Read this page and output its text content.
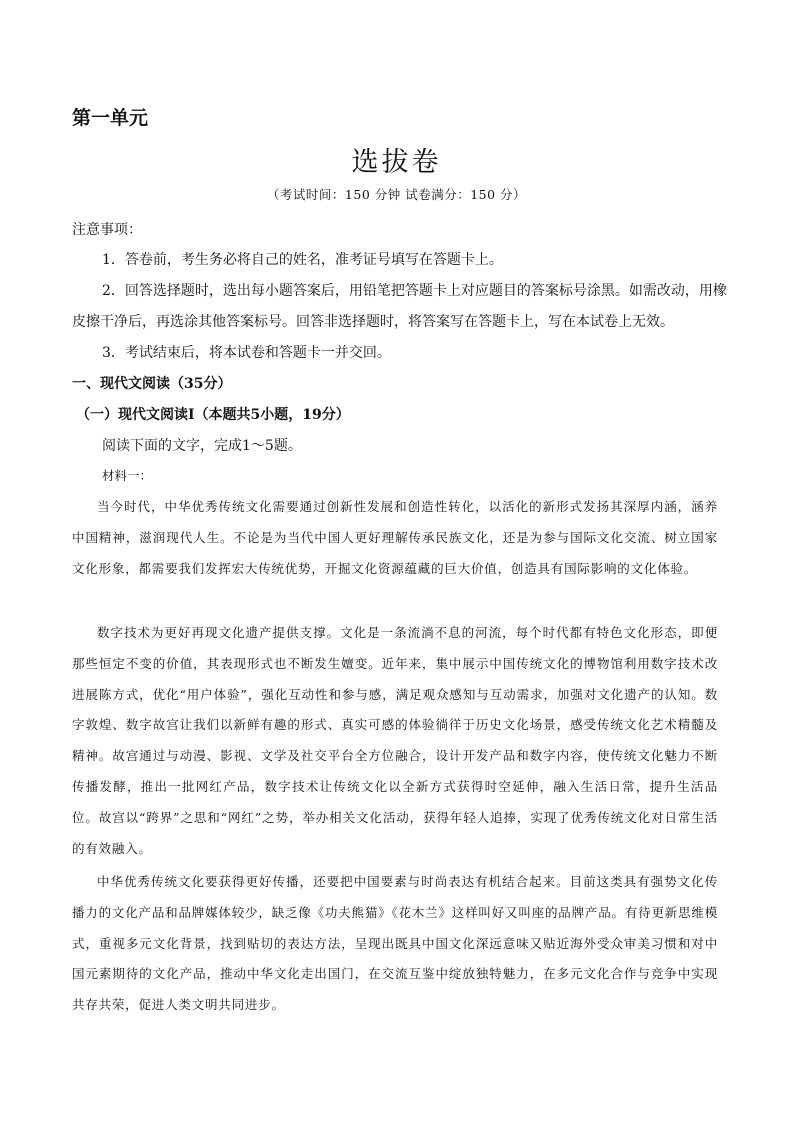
第一单元
选拔卷
（考试时间：150 分钟 试卷满分：150 分）
注意事项：
1．答卷前，考生务必将自己的姓名，准考证号填写在答题卡上。
2．回答选择题时，选出每小题答案后，用铅笔把答题卡上对应题目的答案标号涂黑。如需改动，用橡
皮擦干净后，再选涂其他答案标号。回答非选择题时，将答案写在答题卡上，写在本试卷上无效。
3．考试结束后，将本试卷和答题卡一并交回。
一、现代文阅读（35分）
（一）现代文阅读Ⅰ（本题共5小题，19分）
阅读下面的文字，完成1～5题。
材料一：
当今时代，中华优秀传统文化需要通过创新性发展和创造性转化，以活化的新形式发扬其深厚内涵，涵养中国精神，滋润现代人生。不论是为当代中国人更好理解传承民族文化，还是为参与国际文化交流、树立国家文化形象，都需要我们发挥宏大传统优势，开掘文化资源蕴藏的巨大价值，创造具有国际影响的文化体验。
数字技术为更好再现文化遗产提供支撑。文化是一条流淌不息的河流，每个时代都有特色文化形态，即便那些恒定不变的价值，其表现形式也不断发生嬗变。近年来，集中展示中国传统文化的博物馆利用数字技术改进展陈方式，优化“用户体验”，强化互动性和参与感，满足观众感知与互动需求，加强对文化遗产的认知。数字敦煌、数字故宫让我们以新鲜有趣的形式、真实可感的体验徜徉于历史文化场景，感受传统文化艺术精髓及精神。故宫通过与动漫、影视、文学及社交平台全方位融合，设计开发产品和数字内容，使传统文化魅力不断传播发酵，推出一批网红产品，数字技术让传统文化以全新方式获得时空延伸，融入生活日常，提升生活品位。故宫以“跨界”之思和“网红”之势，举办相关文化活动，获得年轻人追捧，实现了优秀传统文化对日常生活的有效融入。
中华优秀传统文化要获得更好传播，还要把中国要素与时尚表达有机结合起来。目前这类具有强势文化传播力的文化产品和品牌媒体较少，缺乏像《功夫熊猫》《花木兰》这样叫好又叫座的品牌产品。有待更新思维模式，重视多元文化背景，找到贴切的表达方法，呈现出既具中国文化深远意味又贴近海外受众审美习惯和对中国元素期待的文化产品，推动中华文化走出国门，在交流互鉴中绽放独特魅力，在多元文化合作与竞争中实现共存共荣，促进人类文明共同进步。
